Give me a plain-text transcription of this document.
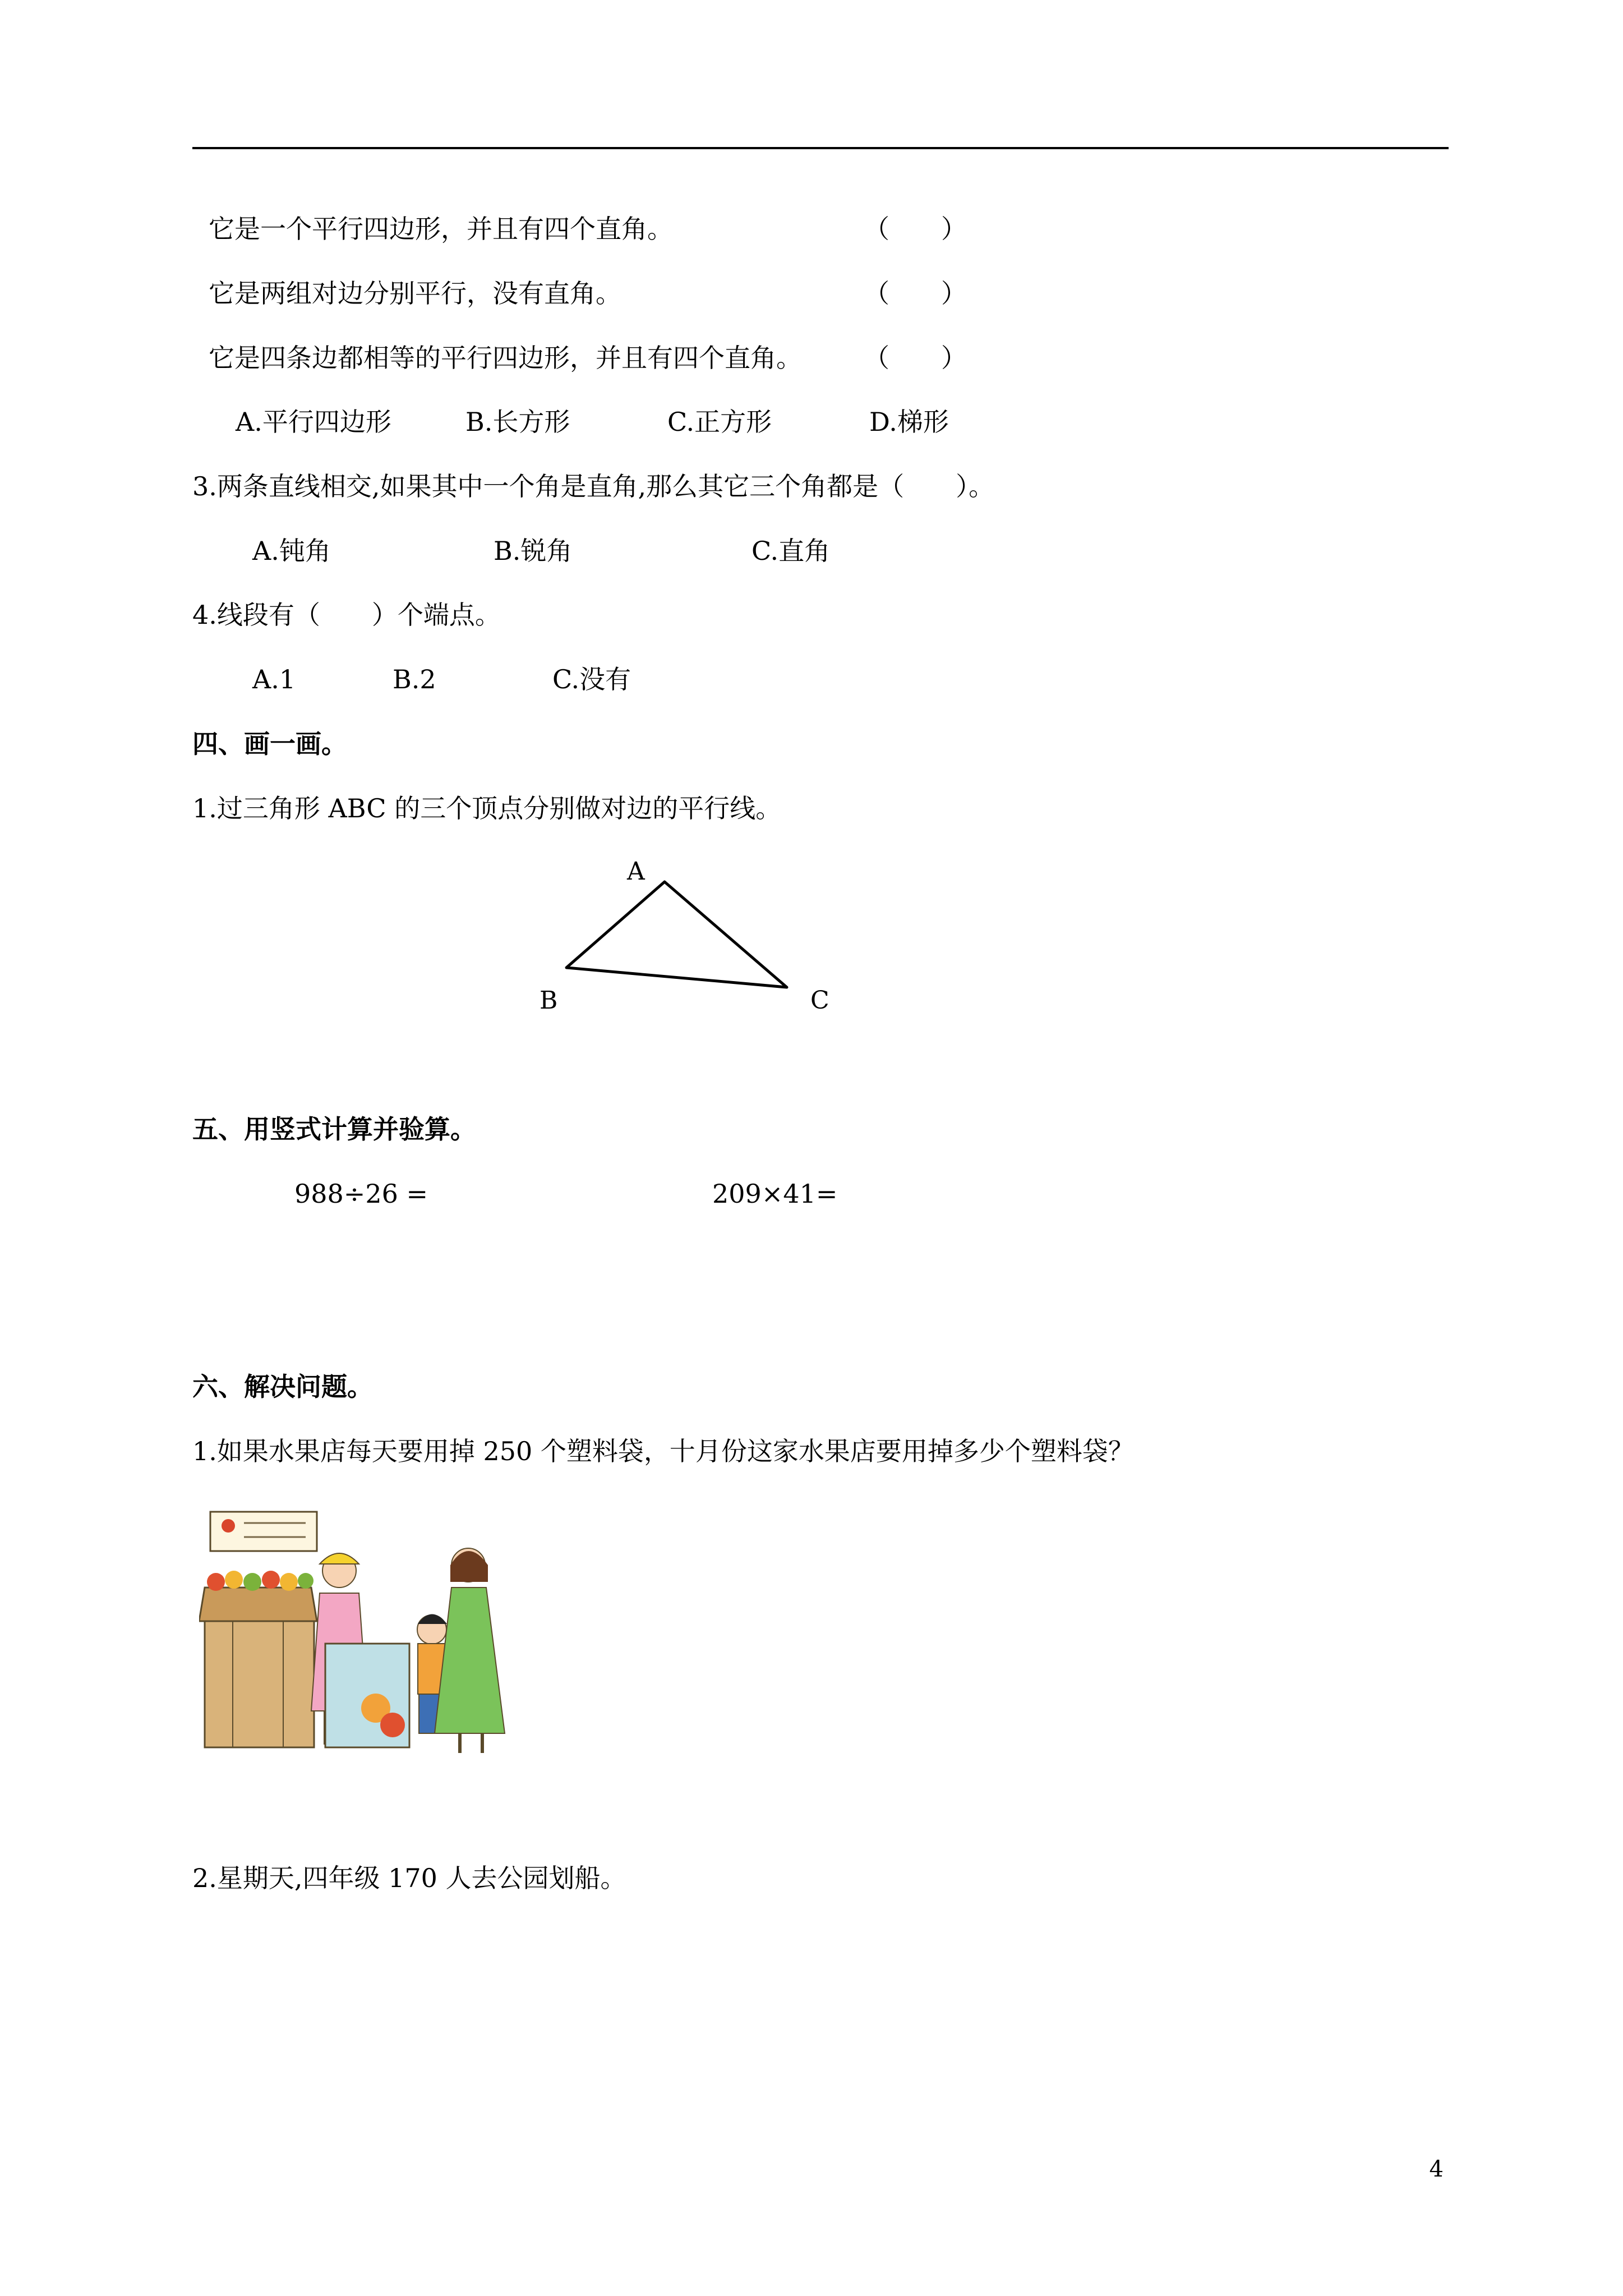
它是一个平行四边形，并且有四个直角。	（　　）
它是两组对边分别平行，没有直角。	（　　）
它是四条边都相等的平行四边形，并且有四个直角。 （　　）
A.平行四边形	B.长方形	C.正方形	D.梯形
3.两条直线相交,如果其中一个角是直角,那么其它三个角都是（　　）。
A.钝角	B.锐角	C.直角
4.线段有（　　）个端点。
A.1	B.2	C.没有
四、画一画。
1.过三角形 ABC 的三个顶点分别做对边的平行线。
A
B	C
五、用竖式计算并验算。
988÷26 =	209×41=
六、解决问题。
1.如果水果店每天要用掉 250 个塑料袋，十月份这家水果店要用掉多少个塑料袋？
2.星期天,四年级 170 人去公园划船。
4
